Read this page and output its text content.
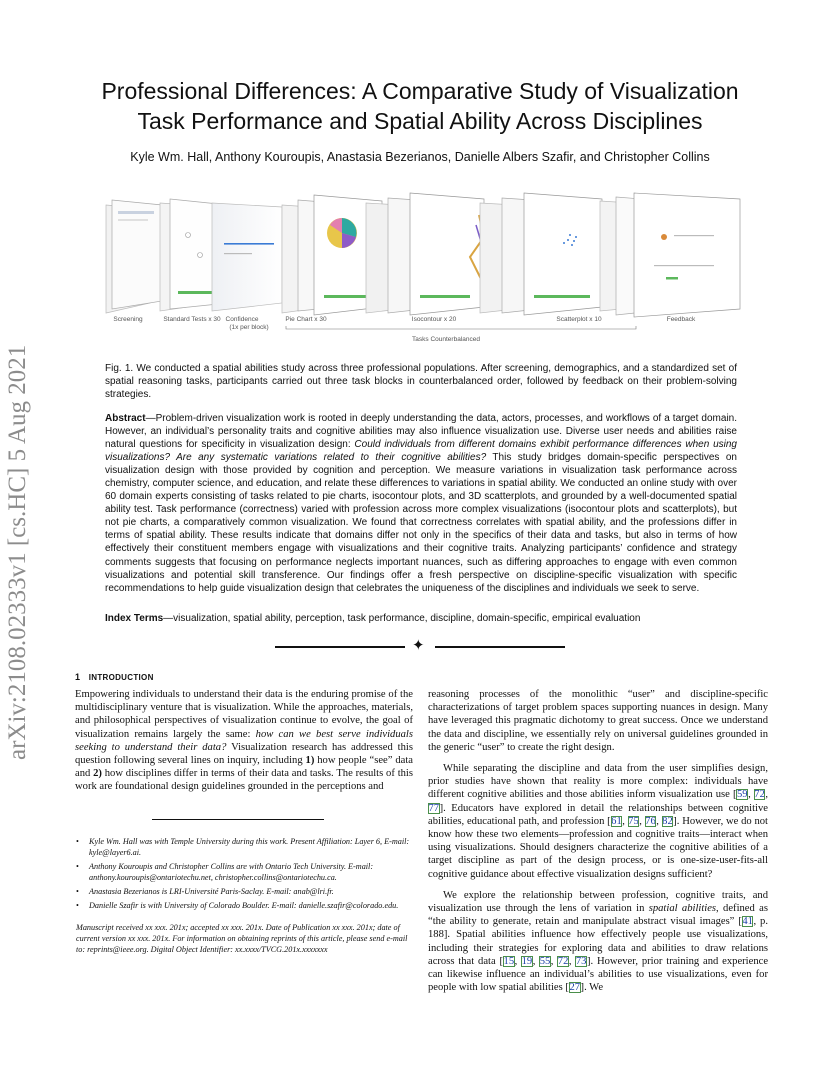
arXiv:2108.02333v1 [cs.HC] 5 Aug 2021
Professional Differences: A Comparative Study of Visualization
Task Performance and Spatial Ability Across Disciplines
Kyle Wm. Hall, Anthony Kouroupis, Anastasia Bezerianos, Danielle Albers Szafir, and Christopher Collins
Screening	Standard Tests x 30 Confidence
(1x per block)
Pie Chart x 30	Isocontour x 20	Scatterplot x 10	Feedback
Tasks Counterbalanced
Fig. 1. We conducted a spatial abilities study across three professional populations. After screening, demographics, and a standardized set of spatial reasoning tasks, participants carried out three task blocks in counterbalanced order, followed by feedback on their problem-solving strategies.
Abstract—Problem-driven visualization work is rooted in deeply understanding the data, actors, processes, and workflows of a target domain. However, an individual’s personality traits and cognitive abilities may also influence visualization use. Diverse user needs and abilities raise natural questions for specificity in visualization design: Could individuals from different domains exhibit performance differences when using visualizations? Are any systematic variations related to their cognitive abilities? This study bridges domain-specific perspectives on visualization design with those provided by cognition and perception. We measure variations in visualization task performance across chemistry, computer science, and education, and relate these differences to variations in spatial ability. We conducted an online study with over 60 domain experts consisting of tasks related to pie charts, isocontour plots, and 3D scatterplots, and grounded by a well-documented spatial ability test. Task performance (correctness) varied with profession across more complex visualizations (isocontour plots and scatterplots), but not pie charts, a comparatively common visualization. We found that correctness correlates with spatial ability, and the professions differ in terms of spatial ability. These results indicate that domains differ not only in the specifics of their data and tasks, but also in terms of how effectively their constituent members engage with visualizations and their cognitive traits. Analyzing participants’ confidence and strategy comments suggests that focusing on performance neglects important nuances, such as differing approaches to engage with even common visualizations and potential skill transference. Our findings offer a fresh perspective on discipline-specific visualization with specific recommendations to help guide visualization design that celebrates the uniqueness of the disciplines and individuals we seek to serve.
Index Terms—visualization, spatial ability, perception, task performance, discipline, domain-specific, empirical evaluation
✦
1 INTRODUCTION

Empowering individuals to understand their data is the enduring promise of the multidisciplinary venture that is visualization. While the approaches, materials, and philosophical perspectives of visualization continue to evolve, the goal of visualization remains largely the same: how can we best serve individuals seeking to understand their data? Visualization research has addressed this question following several lines on inquiry, including 1) how people “see” data and 2) how disciplines differ in terms of their data and tasks. The results of this work are foundational design guidelines grounded in the perceptions and

• Kyle Wm. Hall was with Temple University during this work. Present Affiliation: Layer 6, E-mail: kyle@layer6.ai.
• Anthony Kouroupis and Christopher Collins are with Ontario Tech University. E-mail: anthony.kouroupis@ontariotechu.net, christopher.collins@ontariotechu.ca.
• Anastasia Bezerianos is LRI-Université Paris-Saclay. E-mail: anab@lri.fr.
• Danielle Szafir is with University of Colorado Boulder. E-mail: danielle.szafir@colorado.edu.
Manuscript received xx xxx. 201x; accepted xx xxx. 201x. Date of Publication xx xxx. 201x; date of current version xx xxx. 201x. For information on obtaining reprints of this article, please send e-mail to: reprints@ieee.org. Digital Object Identifier: xx.xxxx/TVCG.201x.xxxxxxx

reasoning processes of the monolithic “user” and discipline-specific characterizations of target problem spaces supporting nuances in design. Many have leveraged this pragmatic dichotomy to great success. Once we understand the data and discipline, we essentially rely on universal guidelines grounded in the generic “user” to create the right design.

While separating the discipline and data from the user simplifies design, prior studies have shown that reality is more complex: individuals have different cognitive abilities and those abilities inform visualization use [59, 72, 77]. Educators have explored in detail the relationships between cognitive abilities, educational path, and profession [61, 75, 76, 82]. However, we do not know how these two elements—profession and cognitive traits—interact when using visualizations. Should designers characterize the cognitive abilities of a target discipline as part of the design process, or is one-size-user-fits-all cognitive guidance about effective visualization designs sufficient?

We explore the relationship between profession, cognitive traits, and visualization use through the lens of variation in spatial abilities, defined as “the ability to generate, retain and manipulate abstract visual images” [41, p. 188]. Spatial abilities influence how effectively people use visualizations, including their strategies for exploring data and abilities to draw relations across that data [15, 19, 55, 72, 73]. However, prior training and experience can likewise influence an individual’s abilities to use visualizations, even for people with low spatial abilities [27]. We
